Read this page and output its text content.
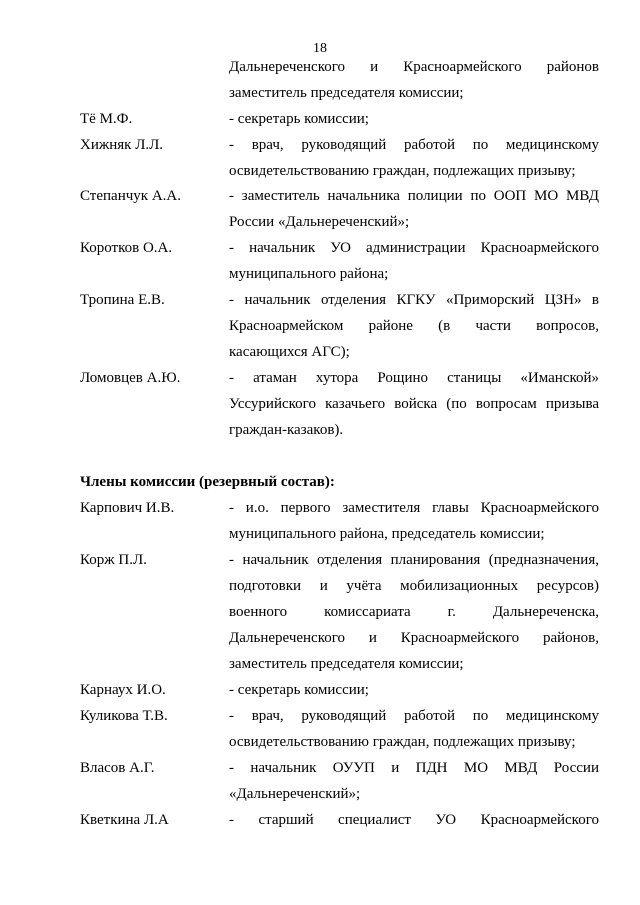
18
Дальнереченского и Красноармейского районов
заместитель председателя комиссии;
Тё М.Ф.	- секретарь комиссии;
Хижняк Л.Л.	- врач, руководящий работой по медицинскому
освидетельствованию граждан, подлежащих призыву;
Степанчук А.А.	- заместитель начальника полиции по ООП МО МВД
России «Дальнереченский»;
Коротков О.А.	- начальник УО администрации Красноармейского
муниципального района;
Тропина Е.В.	- начальник отделения КГКУ «Приморский ЦЗН» в
Красноармейском районе (в части вопросов,
касающихся АГС);
Ломовцев А.Ю.	- атаман хутора Рощино станицы «Иманской»
Уссурийского казачьего войска (по вопросам призыва
граждан-казаков).
Члены комиссии (резервный состав):
Карпович И.В.	- и.о. первого заместителя главы Красноармейского
муниципального района, председатель комиссии;
Корж П.Л.	- начальник отделения планирования (предназначения,
подготовки и учёта мобилизационных ресурсов)
военного комиссариата г. Дальнереченска,
Дальнереченского и Красноармейского районов,
заместитель председателя комиссии;
Карнаух И.О.	- секретарь комиссии;
Куликова Т.В.	- врач, руководящий работой по медицинскому
освидетельствованию граждан, подлежащих призыву;
Власов А.Г.	- начальник ОУУП и ПДН МО МВД России
«Дальнереченский»;
Кветкина Л.А	- старший специалист УО Красноармейского
